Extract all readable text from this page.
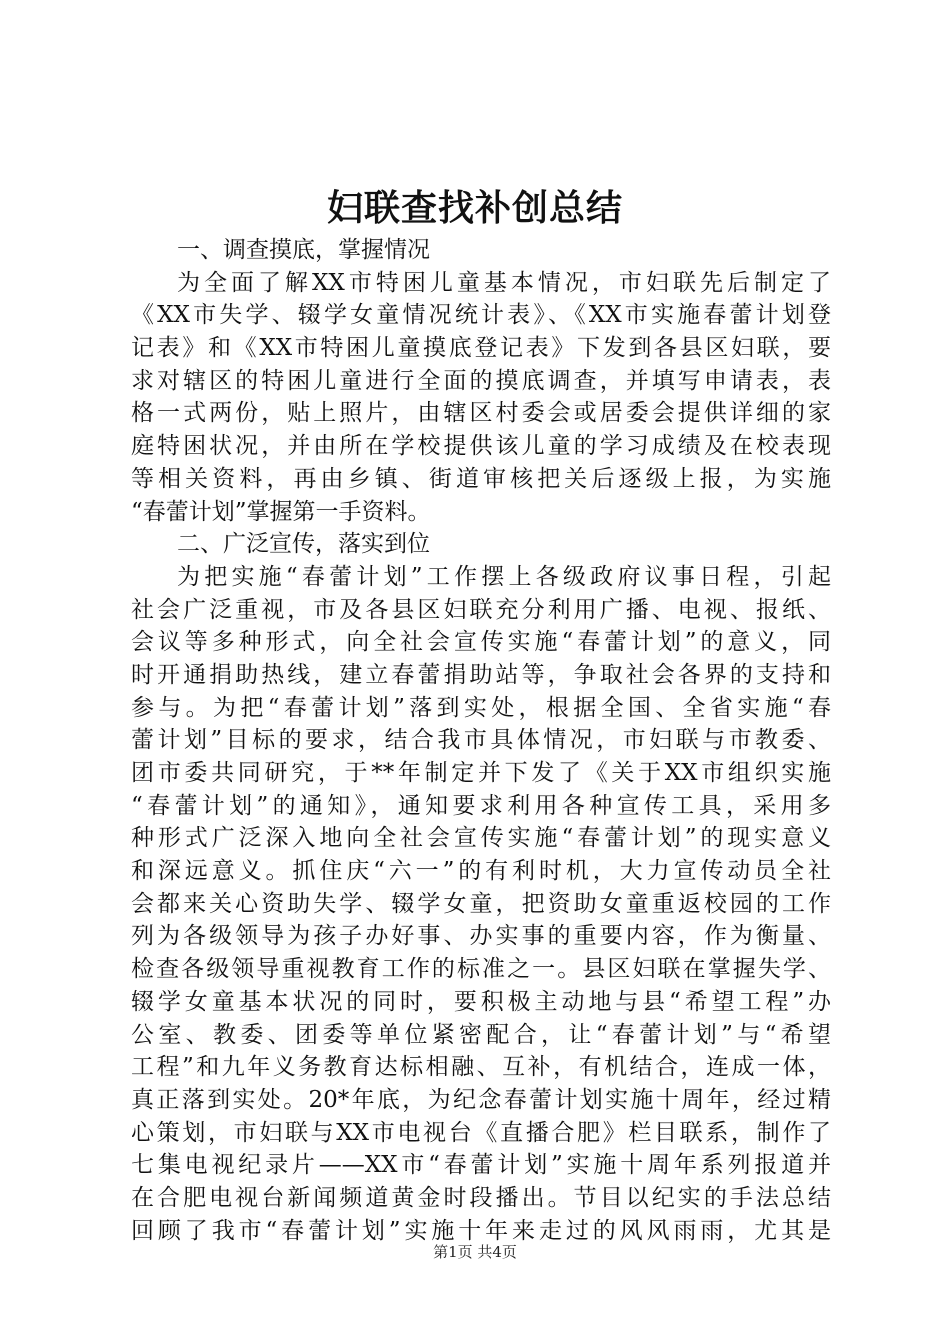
妇联查找补创总结
一、调查摸底，掌握情况
为全面了解XX市特困儿童基本情况，市妇联先后制定了
《XX市失学、辍学女童情况统计表》、《XX市实施春蕾计划登
记表》和《XX市特困儿童摸底登记表》下发到各县区妇联，要
求对辖区的特困儿童进行全面的摸底调查，并填写申请表，表
格一式两份，贴上照片，由辖区村委会或居委会提供详细的家
庭特困状况，并由所在学校提供该儿童的学习成绩及在校表现
等相关资料，再由乡镇、街道审核把关后逐级上报，为实施
“春蕾计划”掌握第一手资料。
二、广泛宣传，落实到位
为把实施“春蕾计划”工作摆上各级政府议事日程，引起
社会广泛重视，市及各县区妇联充分利用广播、电视、报纸、
会议等多种形式，向全社会宣传实施“春蕾计划”的意义，同
时开通捐助热线，建立春蕾捐助站等，争取社会各界的支持和
参与。为把“春蕾计划”落到实处，根据全国、全省实施“春
蕾计划”目标的要求，结合我市具体情况，市妇联与市教委、
团市委共同研究，于**年制定并下发了《关于XX市组织实施
“春蕾计划”的通知》，通知要求利用各种宣传工具，采用多
种形式广泛深入地向全社会宣传实施“春蕾计划”的现实意义
和深远意义。抓住庆“六一”的有利时机，大力宣传动员全社
会都来关心资助失学、辍学女童，把资助女童重返校园的工作
列为各级领导为孩子办好事、办实事的重要内容，作为衡量、
检查各级领导重视教育工作的标准之一。县区妇联在掌握失学、
辍学女童基本状况的同时，要积极主动地与县“希望工程”办
公室、教委、团委等单位紧密配合，让“春蕾计划”与“希望
工程”和九年义务教育达标相融、互补，有机结合，连成一体，
真正落到实处。20*年底，为纪念春蕾计划实施十周年，经过精
心策划，市妇联与XX市电视台《直播合肥》栏目联系，制作了
七集电视纪录片——XX市“春蕾计划”实施十周年系列报道并
在合肥电视台新闻频道黄金时段播出。节目以纪实的手法总结
回顾了我市“春蕾计划”实施十年来走过的风风雨雨，尤其是
第1页 共4页
